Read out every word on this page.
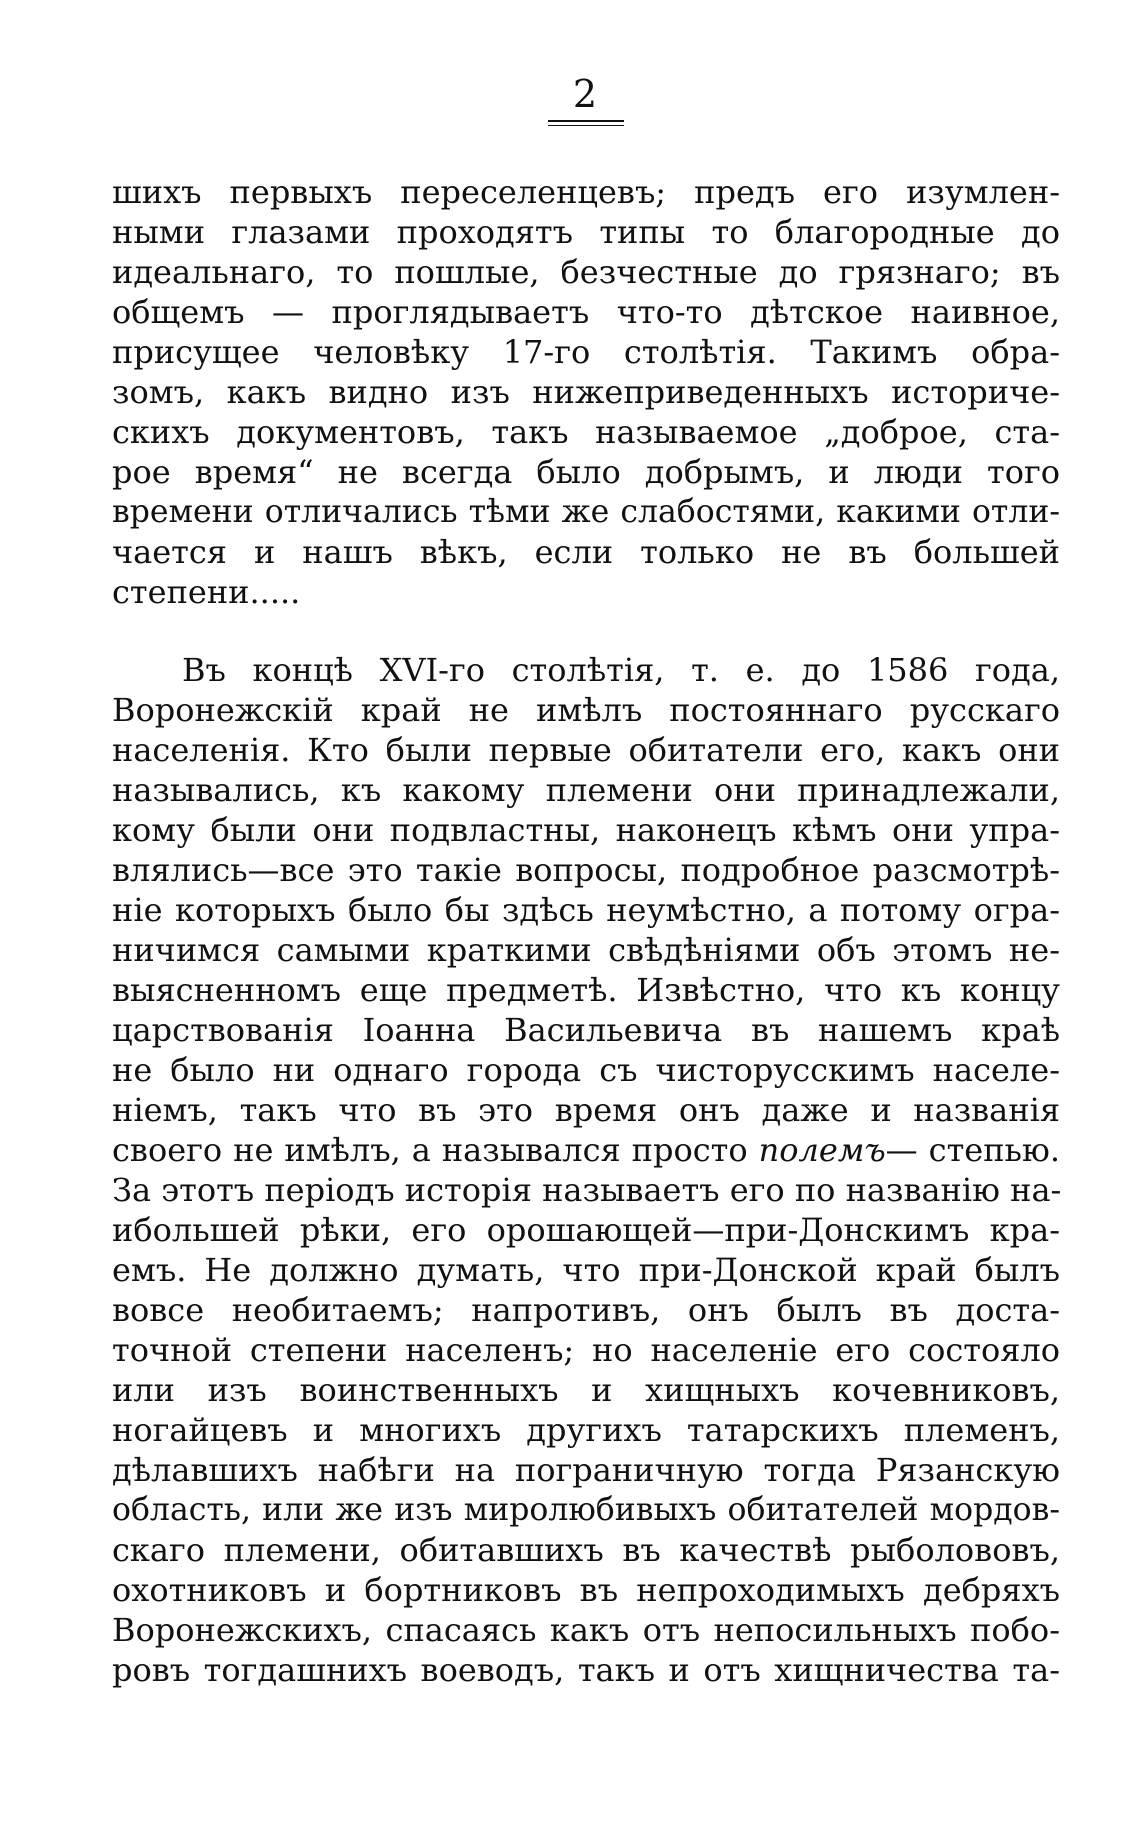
2
шихъ первыхъ переселенцевъ; предъ его изумлен-
ными глазами проходятъ типы то благородные до
идеальнаго, то пошлые, безчестные до грязнаго; въ
общемъ — проглядываетъ что-то дѣтское наивное,
присущее человѣку 17-го столѣтія. Такимъ обра-
зомъ, какъ видно изъ нижеприведенныхъ историче-
скихъ документовъ, такъ называемое „доброе, ста-
рое время“ не всегда было добрымъ, и люди того
времени отличались тѣми же слабостями, какими отли-
чается и нашъ вѣкъ, если только не въ большей
степени.....
Въ концѣ XVI-го столѣтія, т. е. до 1586 года,
Воронежскій край не имѣлъ постояннаго русскаго
населенія. Кто были первые обитатели его, какъ они
назывались, къ какому племени они принадлежали,
кому были они подвластны, наконецъ кѣмъ они упра-
влялись—все это такіе вопросы, подробное разсмотрѣ-
ніе которыхъ было бы здѣсь неумѣстно, а потому огра-
ничимся самыми краткими свѣдѣніями объ этомъ не-
выясненномъ еще предметѣ. Извѣстно, что къ концу
царствованія Іоанна Васильевича въ нашемъ краѣ
не было ни однаго города съ чисторусскимъ населе-
ніемъ, такъ что въ это время онъ даже и названія
своего не имѣлъ, а назывался просто полемъ— степью.
За этотъ періодъ исторія называетъ его по названію на-
ибольшей рѣки, его орошающей—при-Донскимъ кра-
емъ. Не должно думать, что при-Донской край былъ
вовсе необитаемъ; напротивъ, онъ былъ въ доста-
точной степени населенъ; но населеніе его состояло
или изъ воинственныхъ и хищныхъ кочевниковъ,
ногайцевъ и многихъ другихъ татарскихъ племенъ,
дѣлавшихъ набѣги на пограничную тогда Рязанскую
область, или же изъ миролюбивыхъ обитателей мордов-
скаго племени, обитавшихъ въ качествѣ рыболововъ,
охотниковъ и бортниковъ въ непроходимыхъ дебряхъ
Воронежскихъ, спасаясь какъ отъ непосильныхъ побо-
ровъ тогдашнихъ воеводъ, такъ и отъ хищничества та-
